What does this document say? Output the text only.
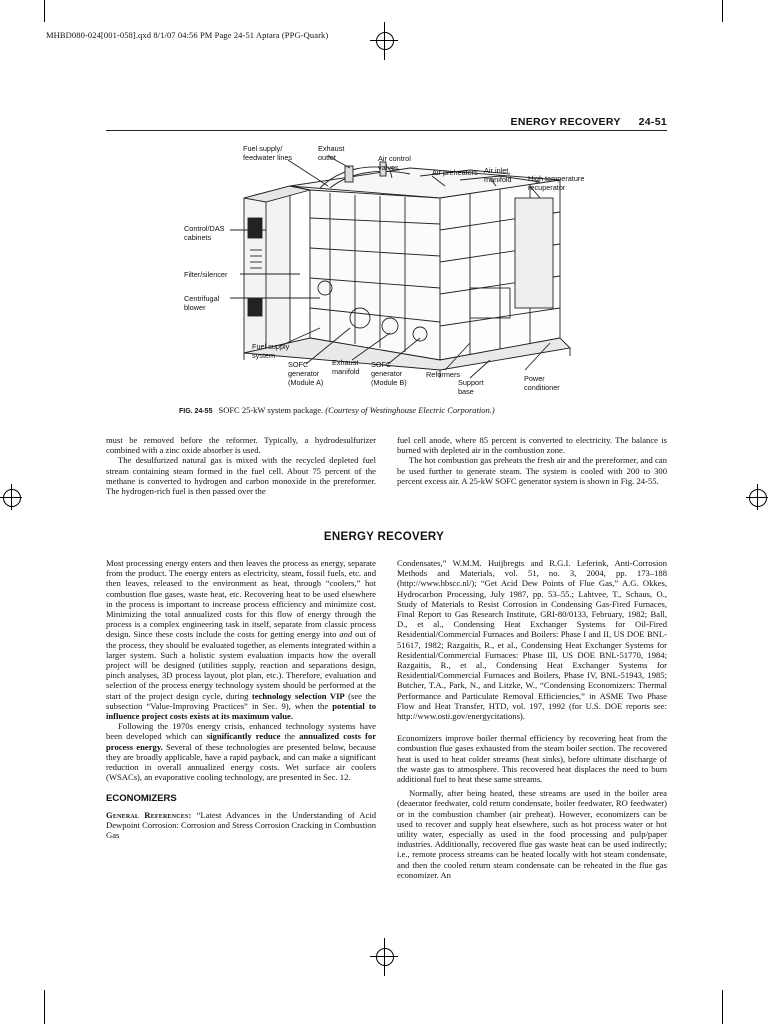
MHBD080-024[001-058].qxd 8/1/07 04:56 PM Page 24-51 Aptara (PPG-Quark)
ENERGY RECOVERY 24-51
Fuel supply/
feedwater lines
Exhaust
outlet	Air control
valves
Air preheaters Air inlet
manifold High temperature
recuperator
Control/DAS
cabinets
Filter/silencer
Centrifugal
blower
Fuel supply
system
SOFC
generator
(Module A)
Exhaust
manifold
SOFC
generator
(Module B)
Reformers
Support
base
Power
conditioner
FIG. 24-55 SOFC 25-kW system package. (Courtesy of Westinghouse Electric Corporation.)

must be removed before the reformer. Typically, a hydrodesulfurizer combined with a zinc oxide absorber is used.

The desulfurized natural gas is mixed with the recycled depleted fuel stream containing steam formed in the fuel cell. About 75 percent of the methane is converted to hydrogen and carbon monoxide in the prereformer. The hydrogen-rich fuel is then passed over the

fuel cell anode, where 85 percent is converted to electricity. The balance is burned with depleted air in the combustion zone.

The hot combustion gas preheats the fresh air and the prereformer, and can be used further to generate steam. The system is cooled with 200 to 300 percent excess air. A 25-kW SOFC generator system is shown in Fig. 24-55.

ENERGY RECOVERY

Most processing energy enters and then leaves the process as energy, separate from the product. The energy enters as electricity, steam, fossil fuels, etc. and then leaves, released to the environment as heat, through “coolers,” hot combustion flue gases, waste heat, etc. Recovering heat to be used elsewhere in the process is important to increase process efficiency and minimize cost. Minimizing the total annualized costs for this flow of energy through the process is a complex engineering task in itself, separate from classic process design. Since these costs include the costs for getting energy into and out of the process, they should be evaluated together, as elements integrated within a larger system. Such a holistic system evaluation impacts how the overall project will be designed (utilities supply, reaction and separations design, pinch analyses, 3D process layout, plot plan, etc.). Therefore, evaluation and selection of the process energy technology system should be performed at the start of the project design cycle, during technology selection VIP (see the subsection “Value-Improving Practices” in Sec. 9), when the potential to influence project costs exists at its maximum value.

Following the 1970s energy crisis, enhanced technology systems have been developed which can significantly reduce the annualized costs for process energy. Several of these technologies are presented below, because they are broadly applicable, have a rapid payback, and can make a significant reduction in overall annualized energy costs. Wet surface air coolers (WSACs), an evaporative cooling technology, are presented in Sec. 12.

ECONOMIZERS

General References: “Latest Advances in the Understanding of Acid Dewpoint Corrosion: Corrosion and Stress Corrosion Cracking in Combustion Gas

Condensates,” W.M.M. Huijbregts and R.G.I. Leferink, Anti-Corrosion Methods and Materials, vol. 51, no. 3, 2004, pp. 173–188 (http://www.hbscc.nl/); “Get Acid Dew Points of Flue Gas,” A.G. Okkes, Hydrocarbon Processing, July 1987, pp. 53–55.; Lahtvee, T., Schaus, O., Study of Materials to Resist Corrosion in Condensing Gas-Fired Furnaces, Final Report to Gas Research Institute, GRI-80/0133, February, 1982; Ball, D., et al., Condensing Heat Exchanger Systems for Oil-Fired Residential/Commercial Furnaces and Boilers: Phase I and II, US DOE BNL-51617, 1982; Razgaitis, R., et al., Condensing Heat Exchanger Systems for Residential/Commercial Furnaces: Phase III, US DOE BNL-51770, 1984; Razgaitis, R., et al., Condensing Heat Exchanger Systems for Residential/Commercial Furnaces and Boilers, Phase IV, BNL-51943, 1985; Butcher, T.A., Park, N., and Litzke, W., “Condensing Economizers: Thermal Performance and Particulate Removal Efficiencies,” in ASME Two Phase Flow and Heat Transfer, HTD, vol. 197, 1992 (for U.S. DOE reports see: http://www.osti.gov/energycitations).

Economizers improve boiler thermal efficiency by recovering heat from the combustion flue gases exhausted from the steam boiler section. The recovered heat is used to heat colder streams (heat sinks), before ultimate discharge of the waste gas to atmosphere. This recovered heat displaces the need to burn additional fuel to heat these same streams.

Normally, after being heated, these streams are used in the boiler area (deaerator feedwater, cold return condensate, boiler feedwater, RO feedwater) or in the combustion chamber (air preheat). However, economizers can be used to recover and supply heat elsewhere, such as hot process water or hot utility water, especially as used in the food processing and pulp/paper industries. Additionally, recovered flue gas waste heat can be used indirectly; i.e., remote process streams can be heated locally with hot steam condensate, and then the cooled return steam condensate can be reheated in the flue gas economizer. An
